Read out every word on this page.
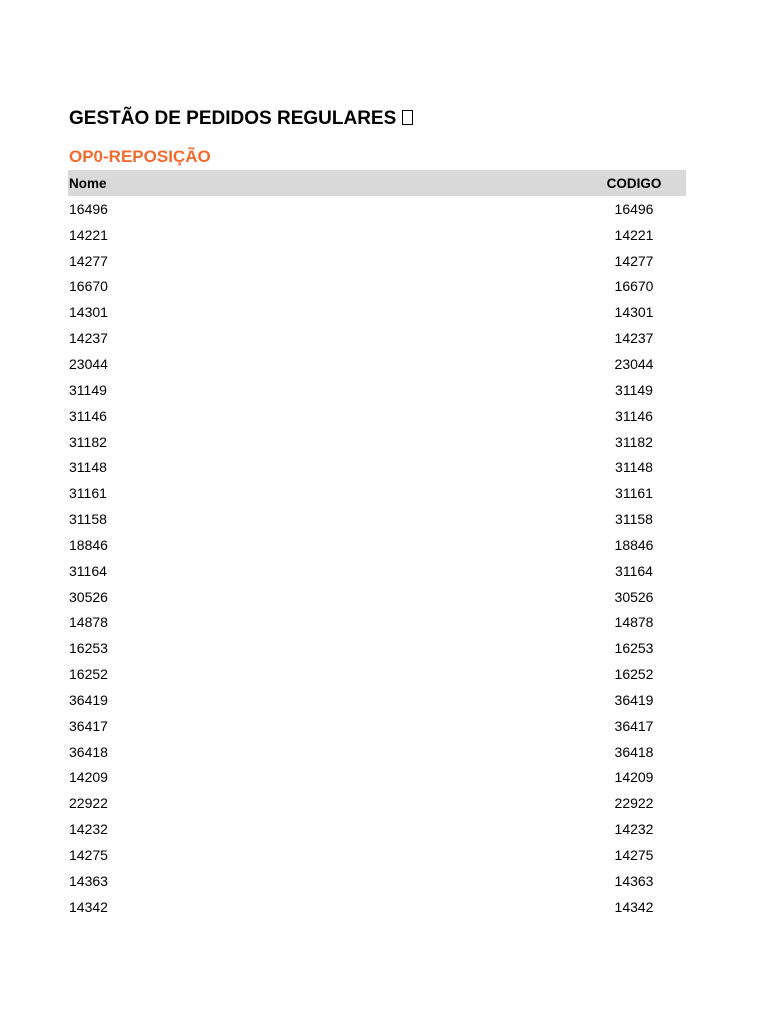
GESTÃO DE PEDIDOS REGULARES
OP0-REPOSIÇÃO
Nome	CODIGO
16496	16496
14221	14221
14277	14277
16670	16670
14301	14301
14237	14237
23044	23044
31149	31149
31146	31146
31182	31182
31148	31148
31161	31161
31158	31158
18846	18846
31164	31164
30526	30526
14878	14878
16253	16253
16252	16252
36419	36419
36417	36417
36418	36418
14209	14209
22922	22922
14232	14232
14275	14275
14363	14363
14342	14342
